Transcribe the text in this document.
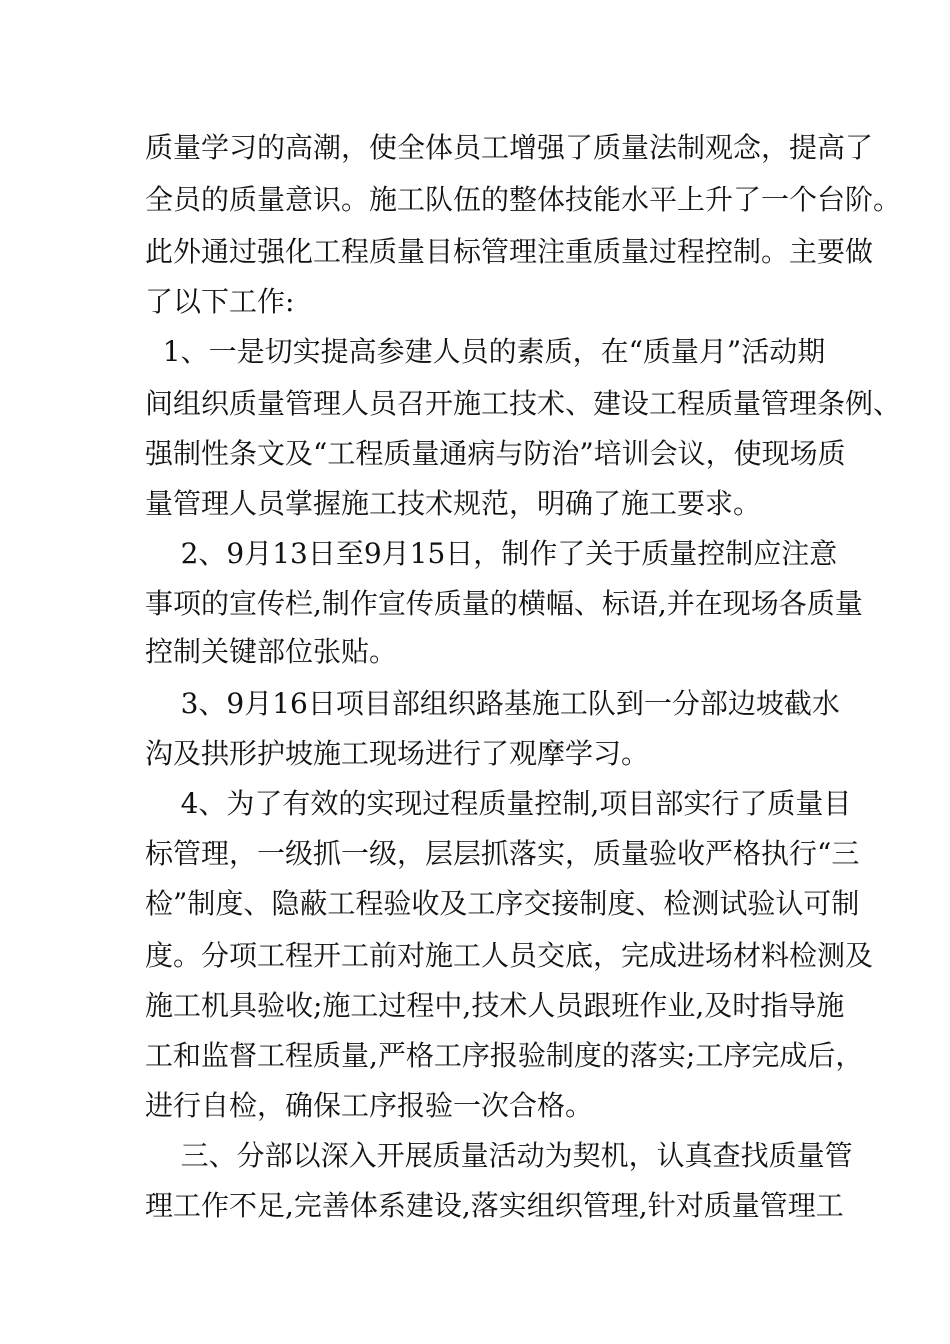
质量学习的高潮，使全体员工增强了质量法制观念，提高了
全员的质量意识。施工队伍的整体技能水平上升了一个台阶。
此外通过强化工程质量目标管理注重质量过程控制。主要做
了以下工作:
1、一是切实提高参建人员的素质，在“质量月”活动期
间组织质量管理人员召开施工技术、建设工程质量管理条例、
强制性条文及“工程质量通病与防治”培训会议，使现场质
量管理人员掌握施工技术规范，明确了施工要求。
2、9月13日至9月15日，制作了关于质量控制应注意
事项的宣传栏,制作宣传质量的横幅、标语,并在现场各质量
控制关键部位张贴。
3、9月16日项目部组织路基施工队到一分部边坡截水
沟及拱形护坡施工现场进行了观摩学习。
4、为了有效的实现过程质量控制,项目部实行了质量目
标管理，一级抓一级，层层抓落实，质量验收严格执行“三
检”制度、隐蔽工程验收及工序交接制度、检测试验认可制
度。分项工程开工前对施工人员交底，完成进场材料检测及
施工机具验收;施工过程中,技术人员跟班作业,及时指导施
工和监督工程质量,严格工序报验制度的落实;工序完成后，
进行自检，确保工序报验一次合格。
三、分部以深入开展质量活动为契机，认真查找质量管
理工作不足,完善体系建设,落实组织管理,针对质量管理工
